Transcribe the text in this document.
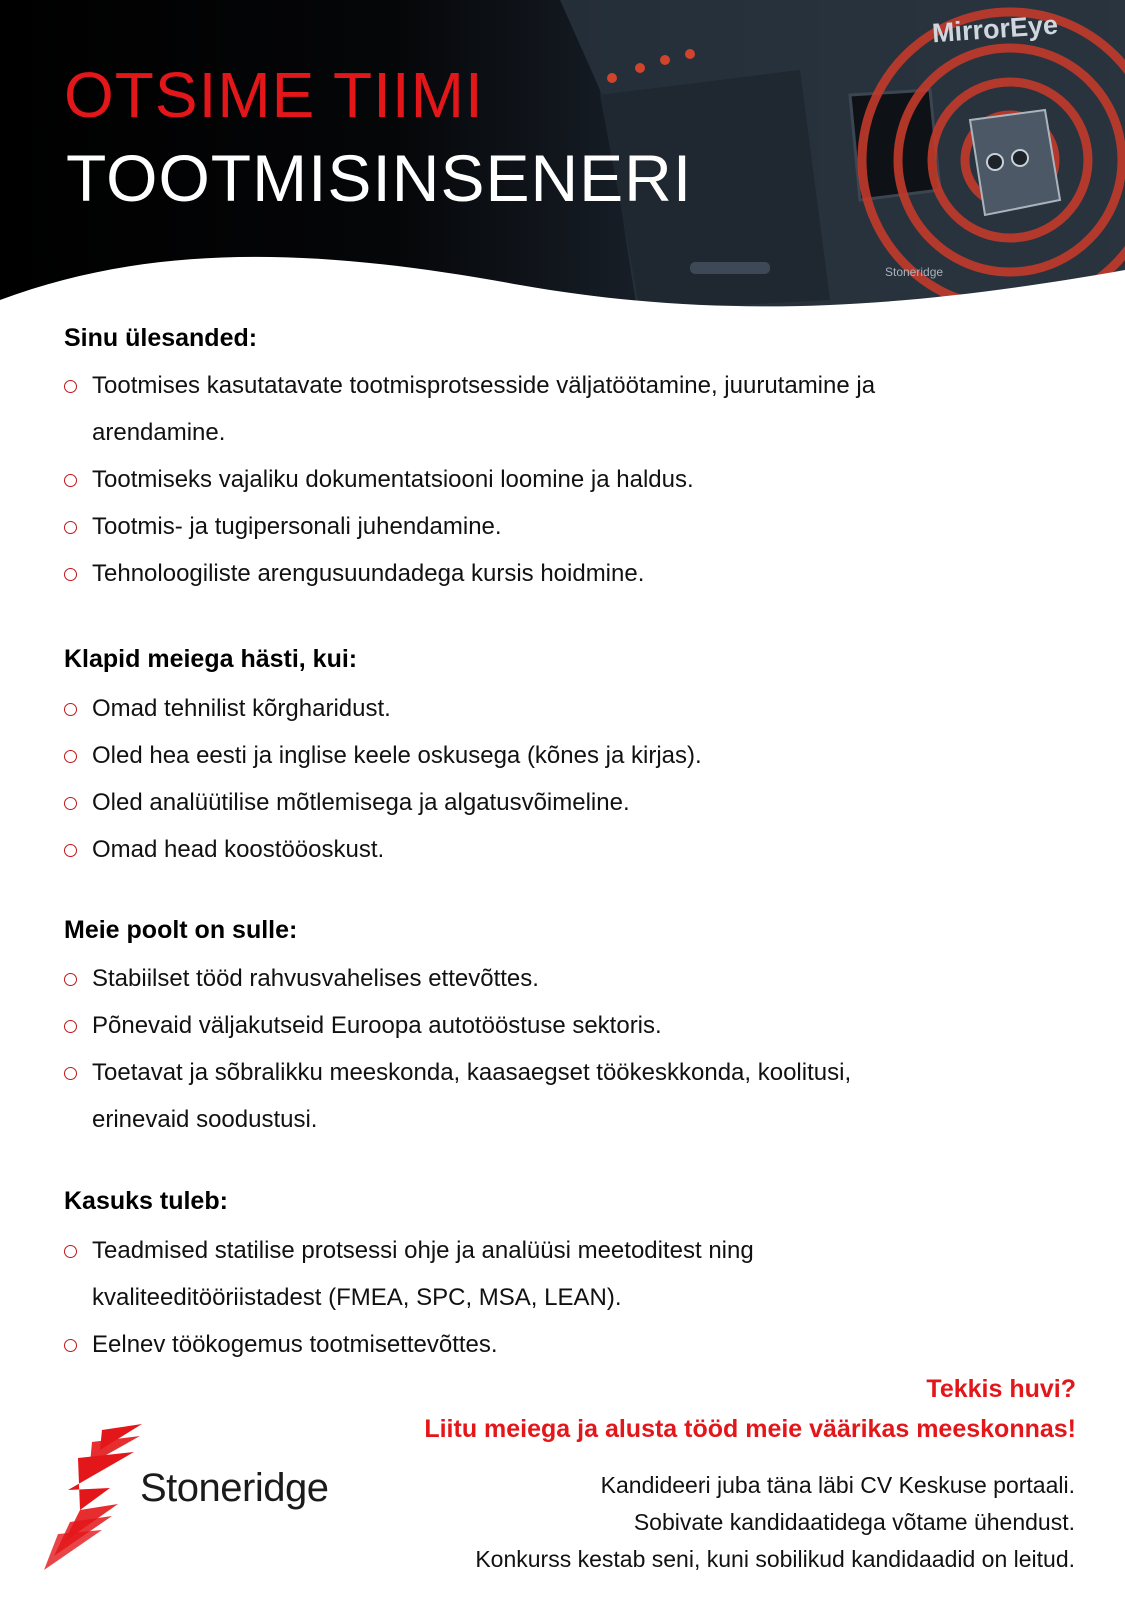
MirrorEye
Stoneridge
OTSIME TIIMI
TOOTMISINSENERI
Sinu ülesanded:
Tootmises kasutatavate tootmisprotsesside väljatöötamine, juurutamine ja
arendamine.
Tootmiseks vajaliku dokumentatsiooni loomine ja haldus.
Tootmis- ja tugipersonali juhendamine.
Tehnoloogiliste arengusuundadega kursis hoidmine.
Klapid meiega hästi, kui:
Omad tehnilist kõrgharidust.
Oled hea eesti ja inglise keele oskusega (kõnes ja kirjas).
Oled analüütilise mõtlemisega ja algatusvõimeline.
Omad head koostööoskust.
Meie poolt on sulle:
Stabiilset tööd rahvusvahelises ettevõttes.
Põnevaid väljakutseid Euroopa autotööstuse sektoris.
Toetavat ja sõbralikku meeskonda, kaasaegset töökeskkonda, koolitusi,
erinevaid soodustusi.
Kasuks tuleb:
Teadmised statilise protsessi ohje ja analüüsi meetoditest ning
kvaliteeditööriistadest (FMEA, SPC, MSA, LEAN).
Eelnev töökogemus tootmisettevõttes.

Tekkis huvi?

Liitu meiega ja alusta tööd meie väärikas meeskonnas!

Kandideeri juba täna läbi CV Keskuse portaali.

Sobivate kandidaatidega võtame ühendust.

Konkurss kestab seni, kuni sobilikud kandidaadid on leitud.

Stoneridge
